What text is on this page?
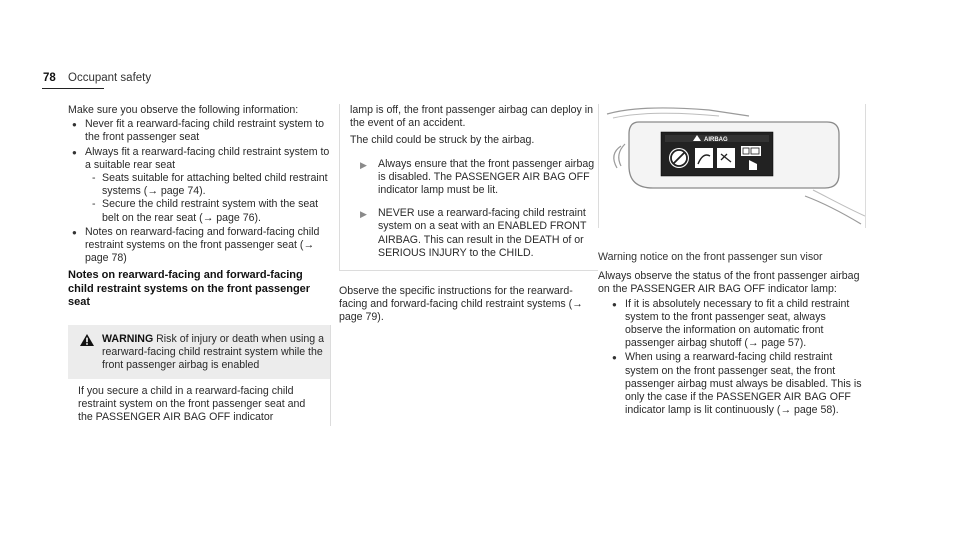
78 Occupant safety

Make sure you observe the following information:

● Never fit a rearward-facing child restraint system to the front passenger seat
● Always fit a rearward-facing child restraint system to a suitable rear seat
- Seats suitable for attaching belted child restraint systems (→ page 74).
- Secure the child restraint system with the seat belt on the rear seat (→ page 76).
● Notes on rearward-facing and forward-facing child restraint systems on the front passenger seat (→ page 78)

Notes on rearward-facing and forward-facing child restraint systems on the front passenger seat

WARNING Risk of injury or death when using a rearward-facing child restraint system while the front passenger airbag is enabled
If you secure a child in a rearward-facing child restraint system on the front passenger seat and the PASSENGER AIR BAG OFF indicator

lamp is off, the front passenger airbag can deploy in the event of an accident.

The child could be struck by the airbag.

▶ Always ensure that the front passenger airbag is disabled. The PASSENGER AIR BAG OFF indicator lamp must be lit.
▶ NEVER use a rearward-facing child restraint system on a seat with an ENABLED FRONT AIRBAG. This can result in the DEATH of or SERIOUS INJURY to the CHILD.

Observe the specific instructions for the rearward-facing and forward-facing child restraint systems (→ page 79).

AIRBAG

Warning notice on the front passenger sun visor

Always observe the status of the front passenger airbag on the PASSENGER AIR BAG OFF indicator lamp:

● If it is absolutely necessary to fit a child restraint system to the front passenger seat, always observe the information on automatic front passenger airbag shutoff (→ page 57).
● When using a rearward-facing child restraint system on the front passenger seat, the front passenger airbag must always be disabled. This is only the case if the PASSENGER AIR BAG OFF indicator lamp is lit continuously (→ page 58).
